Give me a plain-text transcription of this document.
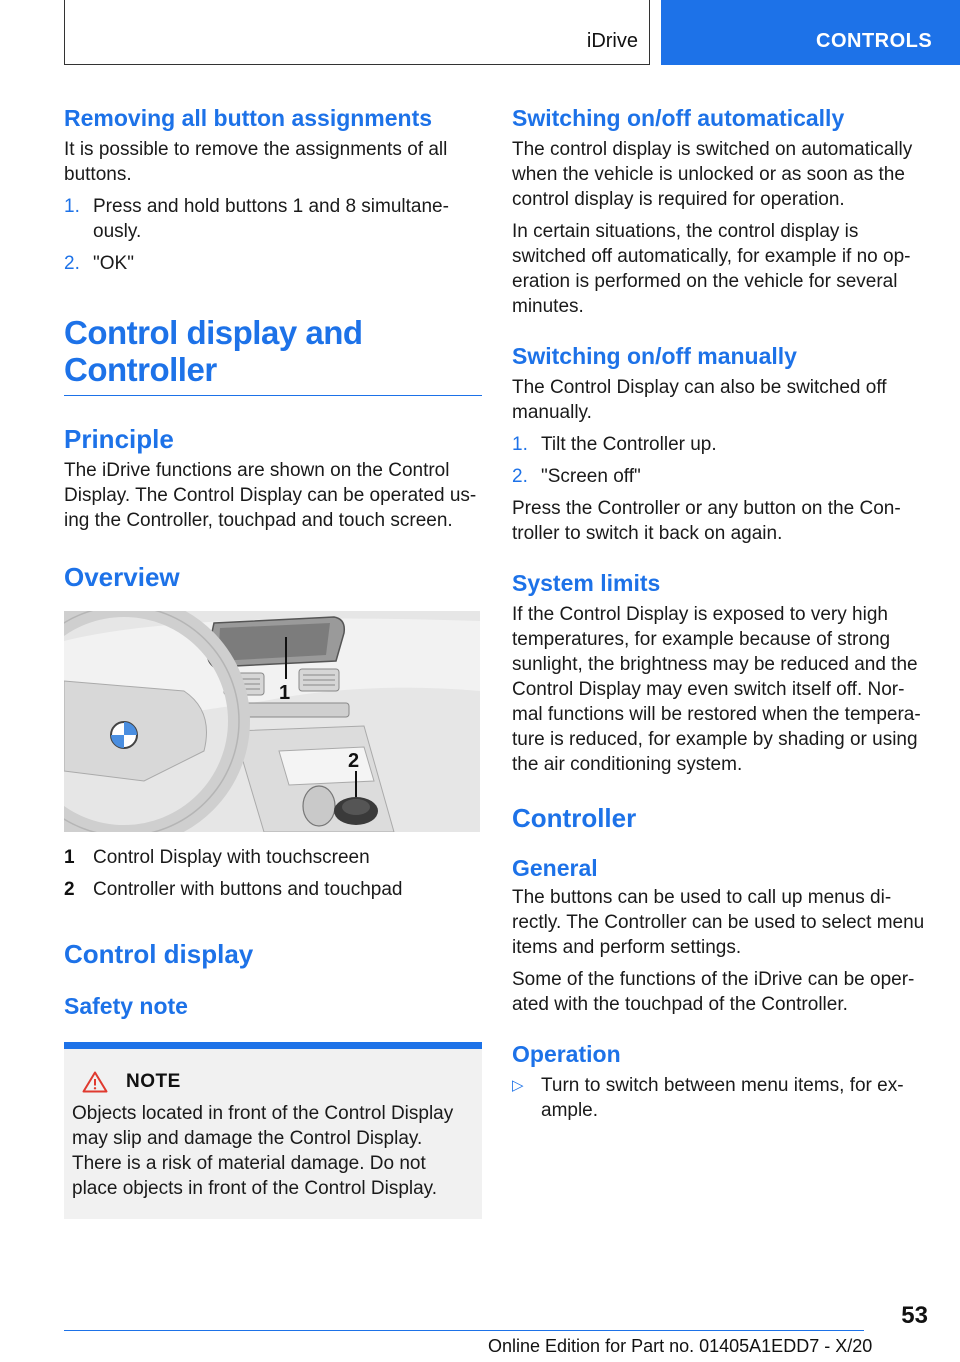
iDrive	CONTROLS
Removing all button assignments

It is possible to remove the assignments of all buttons.

1. Press and hold buttons 1 and 8 simultane‐ously.
2. "OK"
Control display and
Controller
Principle

The iDrive functions are shown on the Control Display. The Control Display can be operated us‐ing the Controller, touchpad and touch screen.

Overview
1
2
1 Control Display with touchscreen
2 Controller with buttons and touchpad
Control display
Safety note
NOTE

Objects located in front of the Control Display may slip and damage the Control Display. There is a risk of material damage. Do not place objects in front of the Control Display.

Switching on/off automatically

The control display is switched on automatically when the vehicle is unlocked or as soon as the control display is required for operation.

In certain situations, the control display is switched off automatically, for example if no op‐eration is performed on the vehicle for several minutes.

Switching on/off manually

The Control Display can also be switched off manually.

1. Tilt the Controller up.
2. "Screen off"

Press the Controller or any button on the Con‐troller to switch it back on again.

System limits

If the Control Display is exposed to very high temperatures, for example because of strong sunlight, the brightness may be reduced and the Control Display may even switch itself off. Nor‐mal functions will be restored when the tempera‐ture is reduced, for example by shading or using the air conditioning system.

Controller
General

The buttons can be used to call up menus di‐rectly. The Controller can be used to select menu items and perform settings.

Some of the functions of the iDrive can be oper‐ated with the touchpad of the Controller.

Operation
▷ Turn to switch between menu items, for ex‐ample.
53
Online Edition for Part no. 01405A1EDD7 - X/20
